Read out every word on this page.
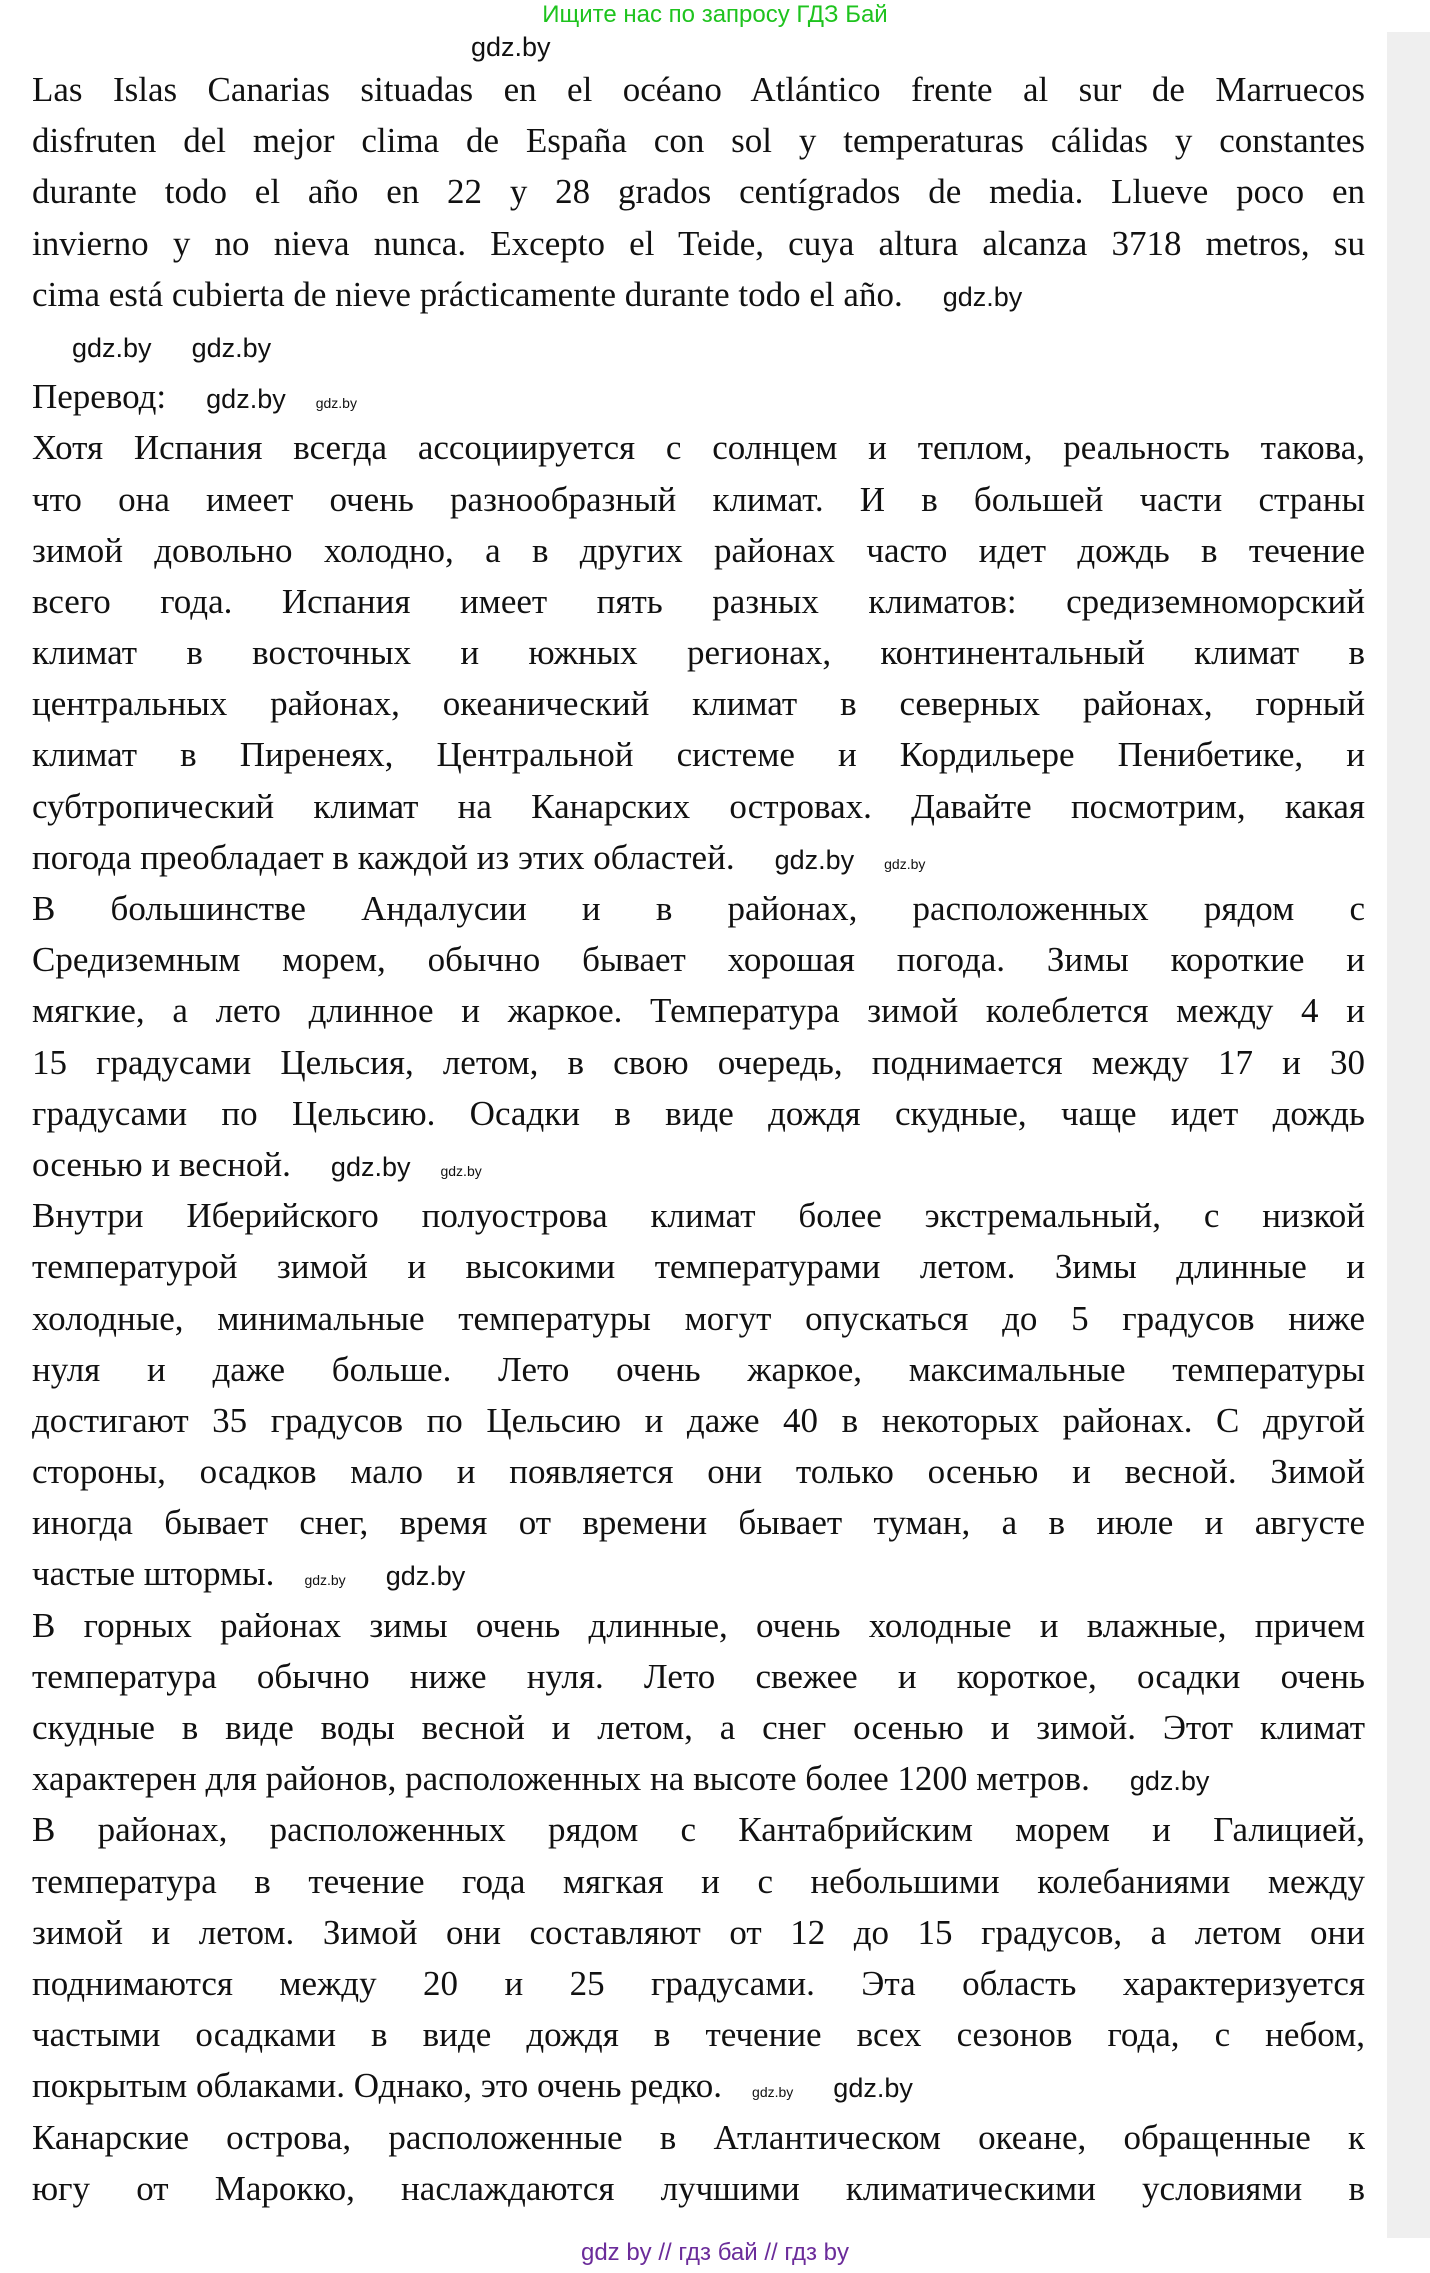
Ищите нас по запросу ГДЗ Бай
Las Islas Canarias situadas en el océano Atlántico frente al sur de Marruecos
disfruten del mejor clima de España con sol y temperaturas cálidas y constantes
durante todo el año en 22 y 28 grados centígrados de media. Llueve poco en
invierno y no nieva nunca. Excepto el Teide, cuya altura alcanza 3718 metros, su
cima está cubierta de nieve prácticamente durante todo el año. gdz.by
gdz.by gdz.by
Перевод: gdz.by gdz.by
Хотя Испания всегда ассоциируется с солнцем и теплом, реальность такова,
что она имеет очень разнообразный климат. И в большей части страны
зимой довольно холодно, а в других районах часто идет дождь в течение
всего года. Испания имеет пять разных климатов: средиземноморский
климат в восточных и южных регионах, континентальный климат в
центральных районах, океанический климат в северных районах, горный
климат в Пиренеях, Центральной системе и Кордильере Пенибетике, и
субтропический климат на Канарских островах. Давайте посмотрим, какая
погода преобладает в каждой из этих областей. gdz.by gdz.by
В большинстве Андалусии и в районах, расположенных рядом с
Средиземным морем, обычно бывает хорошая погода. Зимы короткие и
мягкие, а лето длинное и жаркое. Температура зимой колеблется между 4 и
15 градусами Цельсия, летом, в свою очередь, поднимается между 17 и 30
градусами по Цельсию. Осадки в виде дождя скудные, чаще идет дождь
осенью и весной. gdz.by gdz.by
Внутри Иберийского полуострова климат более экстремальный, с низкой
температурой зимой и высокими температурами летом. Зимы длинные и
холодные, минимальные температуры могут опускаться до 5 градусов ниже
нуля и даже больше. Лето очень жаркое, максимальные температуры
достигают 35 градусов по Цельсию и даже 40 в некоторых районах. С другой
стороны, осадков мало и появляется они только осенью и весной. Зимой
иногда бывает снег, время от времени бывает туман, а в июле и августе
частые штормы. gdz.by gdz.by
В горных районах зимы очень длинные, очень холодные и влажные, причем
температура обычно ниже нуля. Лето свежее и короткое, осадки очень
скудные в виде воды весной и летом, а снег осенью и зимой. Этот климат
характерен для районов, расположенных на высоте более 1200 метров. gdz.by
В районах, расположенных рядом с Кантабрийским морем и Галицией,
температура в течение года мягкая и с небольшими колебаниями между
зимой и летом. Зимой они составляют от 12 до 15 градусов, а летом они
поднимаются между 20 и 25 градусами. Эта область характеризуется
частыми осадками в виде дождя в течение всех сезонов года, с небом,
покрытым облаками. Однако, это очень редко. gdz.by gdz.by
Канарские острова, расположенные в Атлантическом океане, обращенные к
югу от Марокко, наслаждаются лучшими климатическими условиями в
gdz by // гдз бай // гдз by
gdz.by
